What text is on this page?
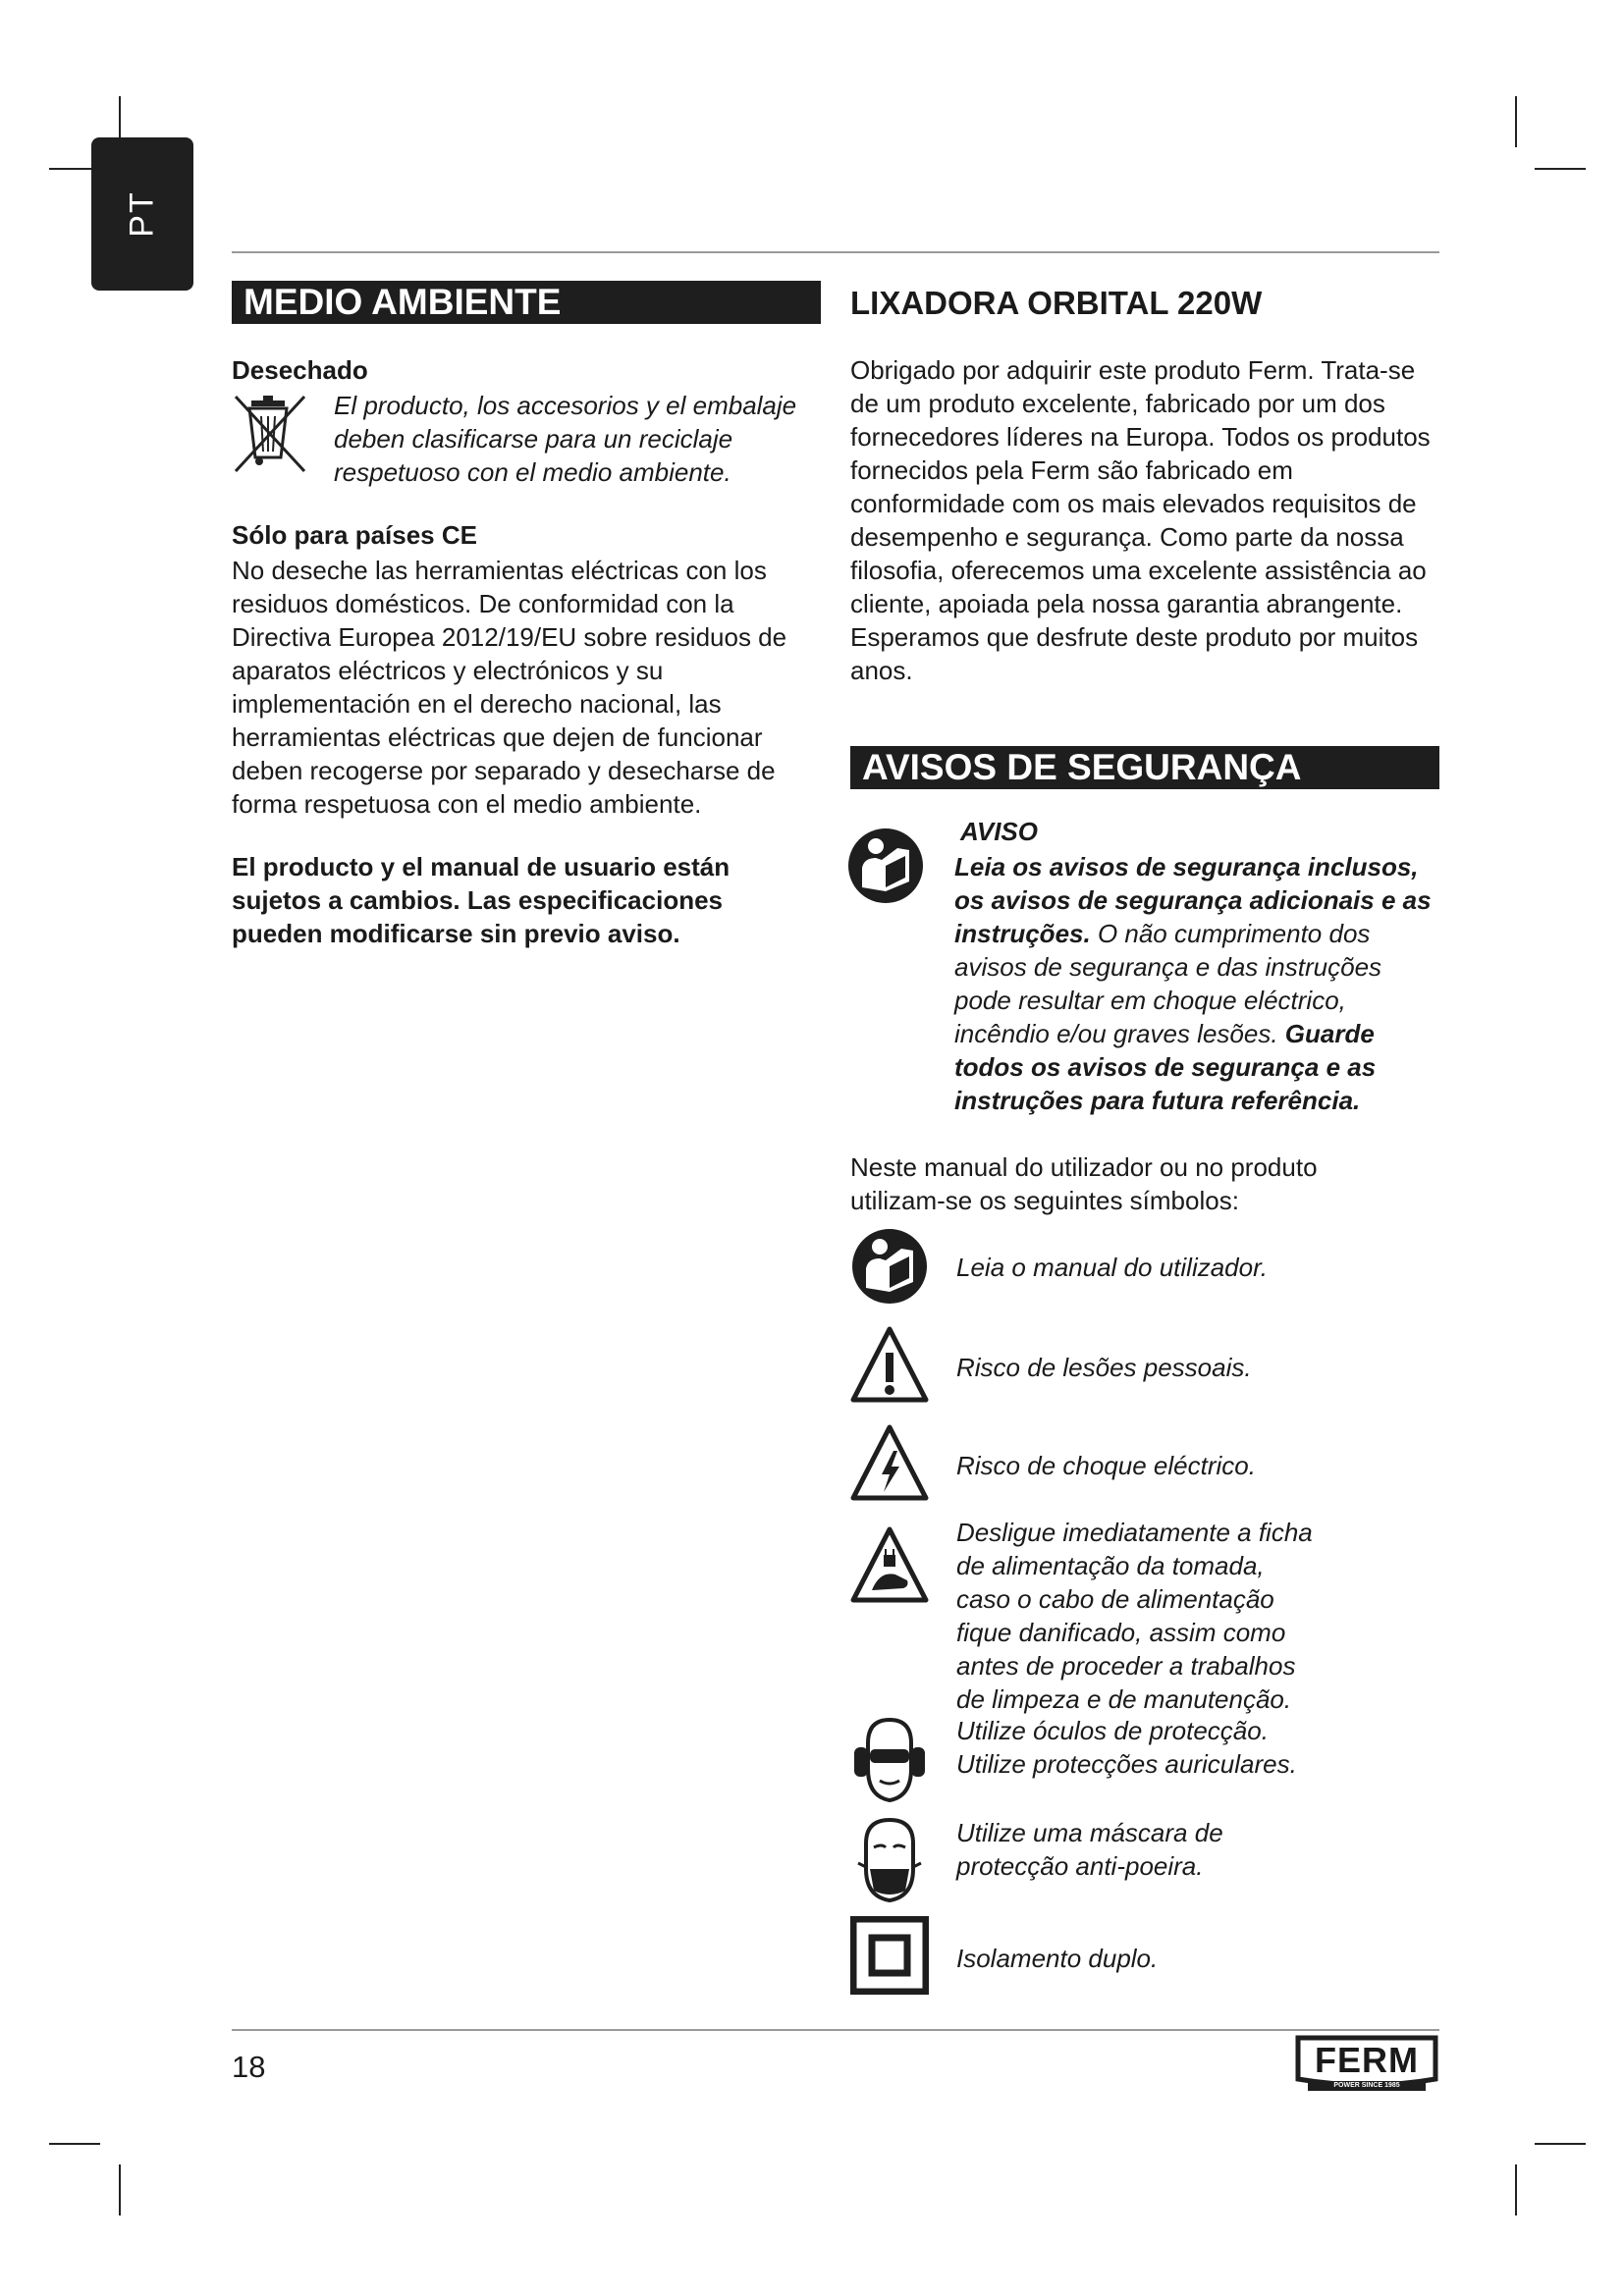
PT
MEDIO AMBIENTE
Desechado

El producto, los accesorios y el embalaje deben clasificarse para un reciclaje respetuoso con el medio ambiente.

Sólo para países CE

No deseche las herramientas eléctricas con los residuos domésticos. De conformidad con la Directiva Europea 2012/19/EU sobre residuos de aparatos eléctricos y electrónicos y su implementación en el derecho nacional, las herramientas eléctricas que dejen de funcionar deben recogerse por separado y desecharse de forma respetuosa con el medio ambiente.

El producto y el manual de usuario están sujetos a cambios. Las especificaciones pueden modificarse sin previo aviso.

LIXADORA ORBITAL 220W

Obrigado por adquirir este produto Ferm. Trata-se de um produto excelente, fabricado por um dos fornecedores líderes na Europa. Todos os produtos fornecidos pela Ferm são fabricado em conformidade com os mais elevados requisitos de desempenho e segurança. Como parte da nossa filosofia, oferecemos uma excelente assistência ao cliente, apoiada pela nossa garantia abrangente. Esperamos que desfrute deste produto por muitos anos.

AVISOS DE SEGURANÇA
AVISO

Leia os avisos de segurança inclusos, os avisos de segurança adicionais e as instruções. O não cumprimento dos avisos de segurança e das instruções pode resultar em choque eléctrico, incêndio e/ou graves lesões. Guarde todos os avisos de segurança e as instruções para futura referência.

Neste manual do utilizador ou no produto utilizam-se os seguintes símbolos:

Leia o manual do utilizador.
Risco de lesões pessoais.
Risco de choque eléctrico.
Desligue imediatamente a ficha de alimentação da tomada, caso o cabo de alimentação fique danificado, assim como antes de proceder a trabalhos de limpeza e de manutenção.
Utilize óculos de protecção. Utilize protecções auriculares.
Utilize uma máscara de protecção anti-poeira.
Isolamento duplo.
18	FERM
POWER SINCE 1985
